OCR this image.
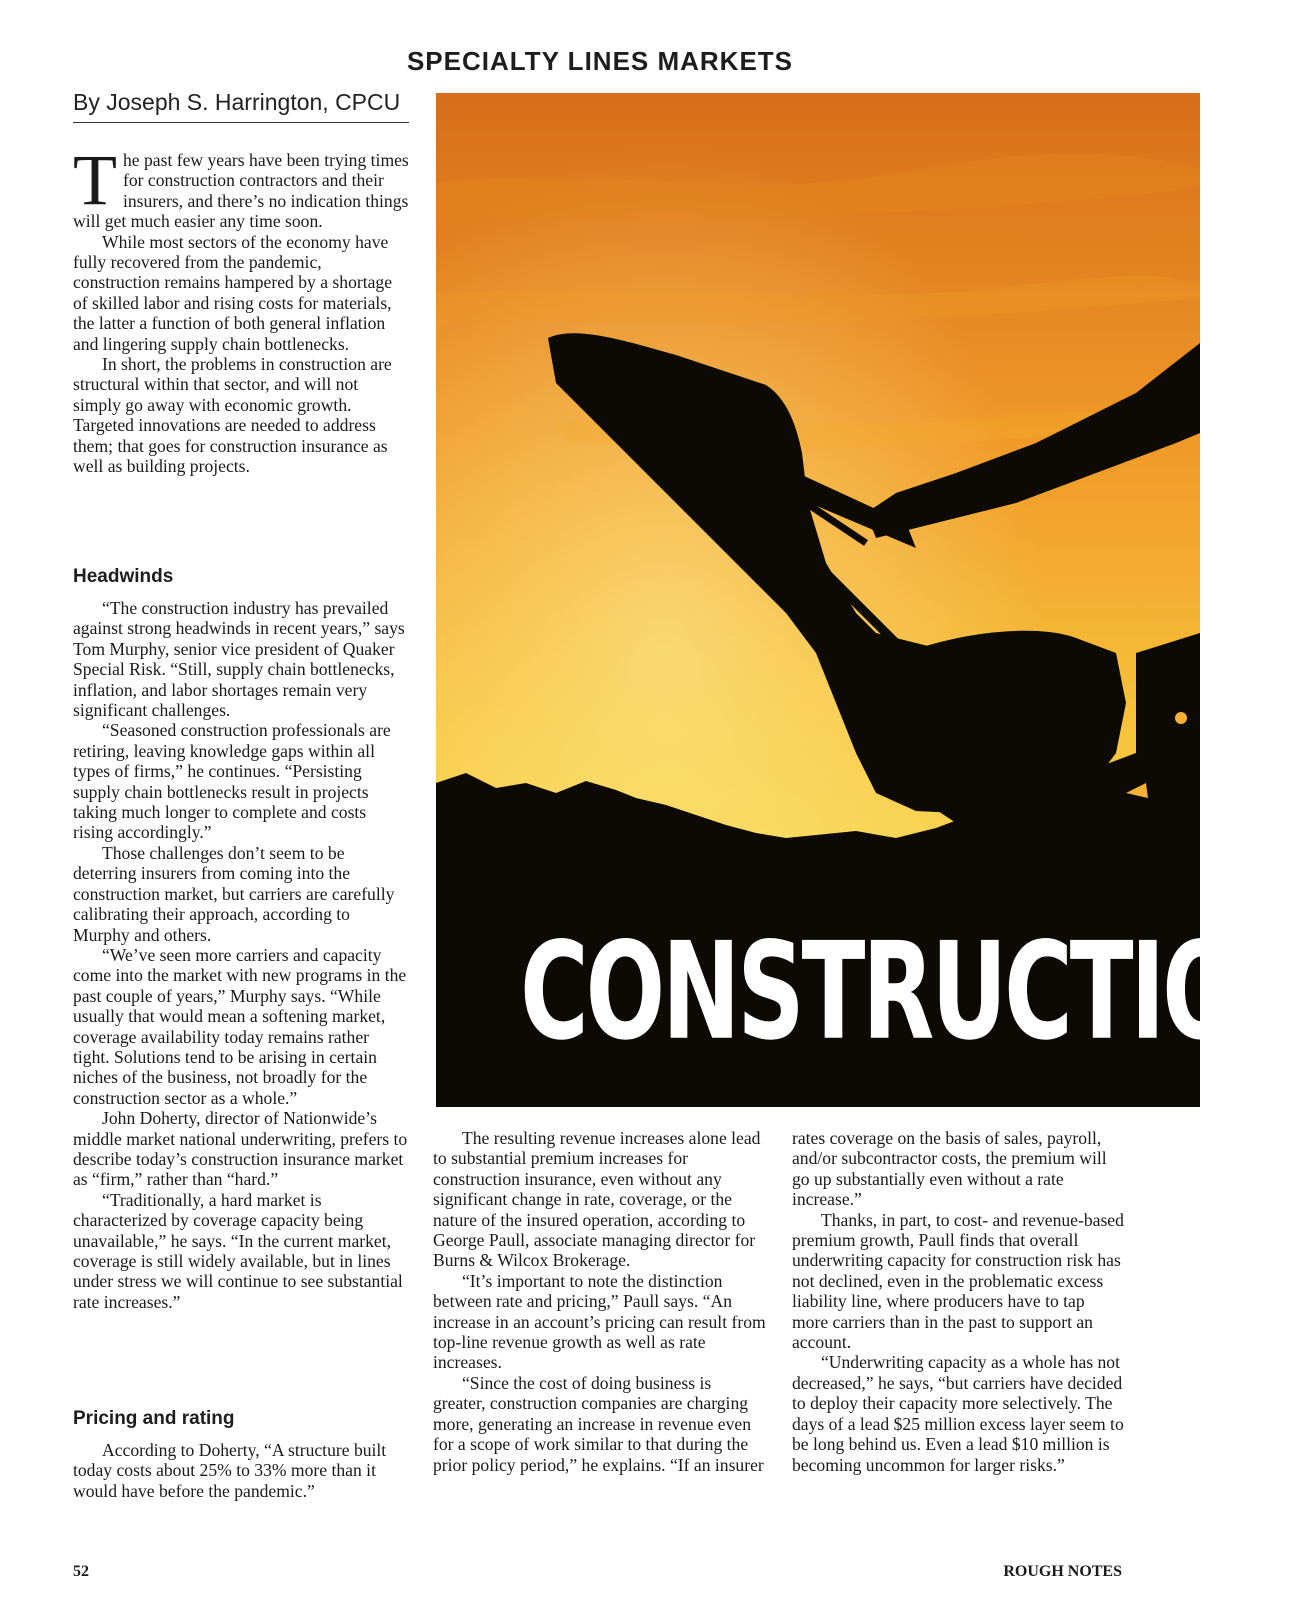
SPECIALTY LINES MARKETS
By Joseph S. Harrington, CPCU
CONSTRUCTION

The past few years have been trying times for construction contractors and their insurers, and there’s no indication things will get much easier any time soon.

While most sectors of the economy have fully recovered from the pandemic, construction remains hampered by a shortage of skilled labor and rising costs for materials, the latter a function of both general inflation and lingering supply chain bottlenecks.

In short, the problems in construction are structural within that sector, and will not simply go away with economic growth. Targeted innovations are needed to address them; that goes for construction insurance as well as building projects.

Headwinds

“The construction industry has prevailed against strong headwinds in recent years,” says Tom Murphy, senior vice president of Quaker Special Risk. “Still, supply chain bottlenecks, inflation, and labor shortages remain very significant challenges.

“Seasoned construction professionals are retiring, leaving knowledge gaps within all types of firms,” he continues. “Persisting supply chain bottlenecks result in projects taking much longer to complete and costs rising accordingly.”

Those challenges don’t seem to be deterring insurers from coming into the construction market, but carriers are carefully calibrating their approach, according to Murphy and others.

“We’ve seen more carriers and capacity come into the market with new programs in the past couple of years,” Murphy says. “While usually that would mean a softening market, coverage availability today remains rather tight. Solutions tend to be arising in certain niches of the business, not broadly for the construction sector as a whole.”

John Doherty, director of Nationwide’s middle market national underwriting, prefers to describe today’s construction insurance market as “firm,” rather than “hard.”

“Traditionally, a hard market is characterized by coverage capacity being unavailable,” he says. “In the current market, coverage is still widely available, but in lines under stress we will continue to see substantial rate increases.”

Pricing and rating

According to Doherty, “A structure built today costs about 25% to 33% more than it would have before the pandemic.”

The resulting revenue increases alone lead to substantial premium increases for construction insurance, even without any significant change in rate, coverage, or the nature of the insured operation, according to George Paull, associate managing director for Burns & Wilcox Brokerage.

“It’s important to note the distinction between rate and pricing,” Paull says. “An increase in an account’s pricing can result from top-line revenue growth as well as rate increases.

“Since the cost of doing business is greater, construction companies are charging more, generating an increase in revenue even for a scope of work similar to that during the prior policy period,” he explains. “If an insurer

rates coverage on the basis of sales, payroll, and/or subcontractor costs, the premium will go up substantially even without a rate increase.”

Thanks, in part, to cost- and revenue-based premium growth, Paull finds that overall underwriting capacity for construction risk has not declined, even in the problematic excess liability line, where producers have to tap more carriers than in the past to support an account.

“Underwriting capacity as a whole has not decreased,” he says, “but carriers have decided to deploy their capacity more selectively. The days of a lead $25 million excess layer seem to be long behind us. Even a lead $10 million is becoming uncommon for larger risks.”

52	ROUGH NOTES
